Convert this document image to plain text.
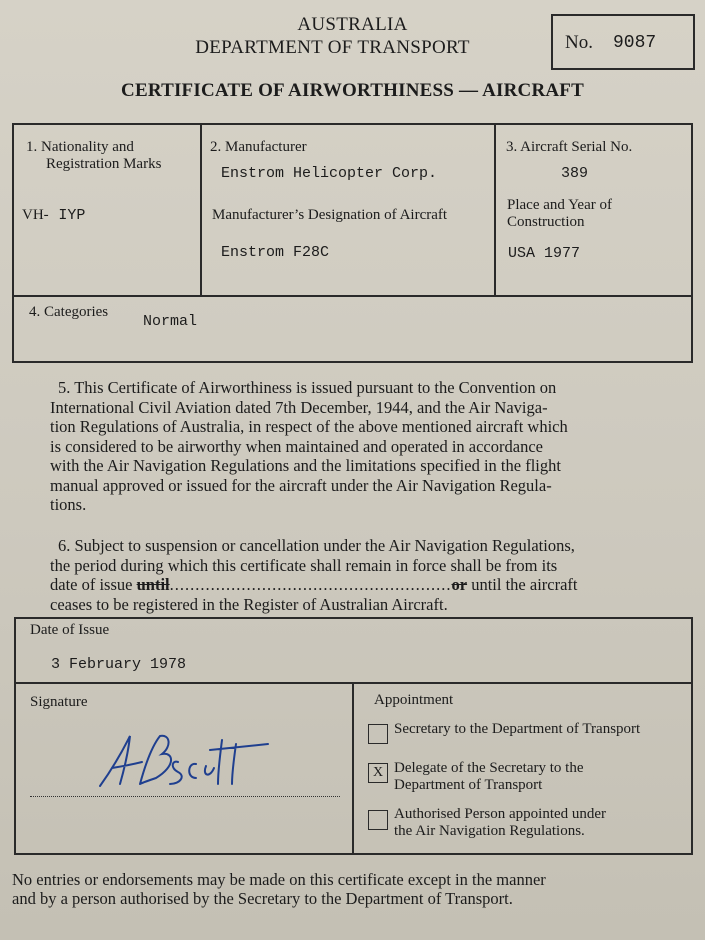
AUSTRALIA
DEPARTMENT OF TRANSPORT	No. 9087
CERTIFICATE OF AIRWORTHINESS — AIRCRAFT
1. Nationality and
Registration Marks
VH- IYP
2. Manufacturer
Enstrom Helicopter Corp.
Manufacturer’s Designation of Aircraft
Enstrom F28C
3. Aircraft Serial No.
389
Place and Year of
Construction
USA 1977
4. Categories
Normal
5. This Certificate of Airworthiness is issued pursuant to the Convention on
International Civil Aviation dated 7th December, 1944, and the Air Naviga-
tion Regulations of Australia, in respect of the above mentioned aircraft which
is considered to be airworthy when maintained and operated in accordance
with the Air Navigation Regulations and the limitations specified in the flight
manual approved or issued for the aircraft under the Air Navigation Regula-
tions.
6. Subject to suspension or cancellation under the Air Navigation Regulations,
the period during which this certificate shall remain in force shall be from its
date of issue until.......................................................or until the aircraft
ceases to be registered in the Register of Australian Aircraft.
Date of Issue
3 February 1978
Signature	Appointment
Secretary to the Department of Transport
X Delegate of the Secretary to the
Department of Transport
Authorised Person appointed under
the Air Navigation Regulations.
No entries or endorsements may be made on this certificate except in the manner
and by a person authorised by the Secretary to the Department of Transport.
